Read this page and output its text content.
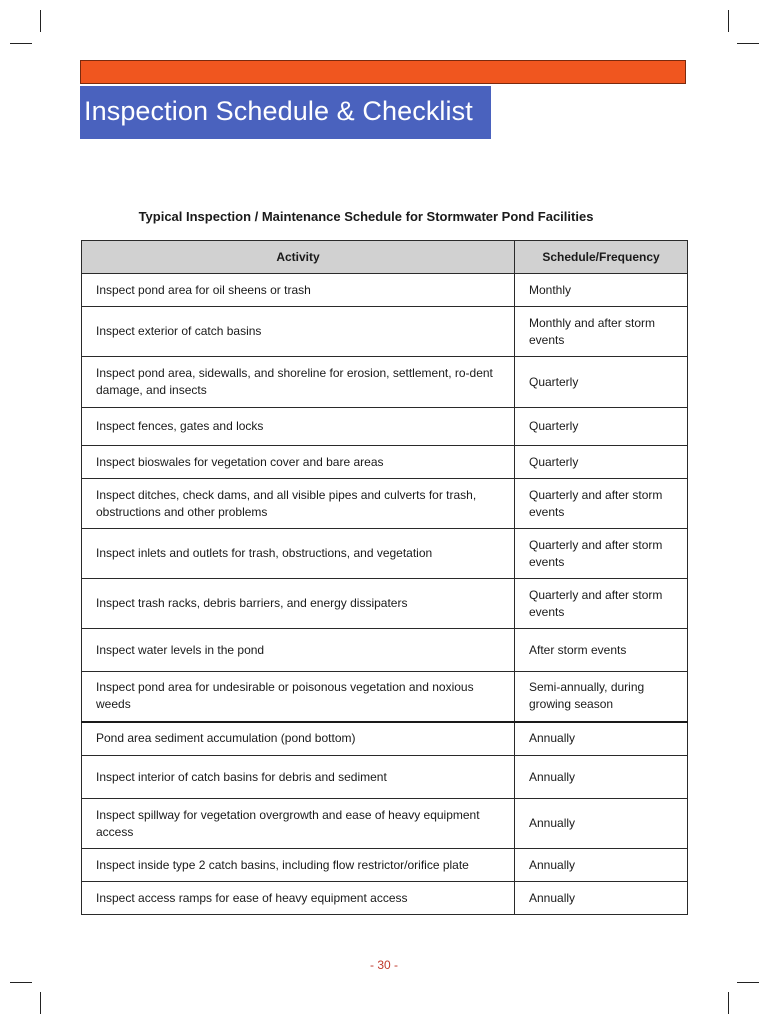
Inspection Schedule & Checklist
Typical Inspection / Maintenance Schedule for Stormwater Pond Facilities
Activity	Schedule/Frequency
Inspect pond area for oil sheens or trash	Monthly
Inspect exterior of catch basins	Monthly and after storm events
Inspect pond area, sidewalls, and shoreline for erosion, settlement, ro-dent damage, and insects	Quarterly
Inspect fences, gates and locks	Quarterly
Inspect bioswales for vegetation cover and bare areas	Quarterly
Inspect ditches, check dams, and all visible pipes and culverts for trash, obstructions and other problems	Quarterly and after storm events
Inspect inlets and outlets for trash, obstructions, and vegetation	Quarterly and after storm events
Inspect trash racks, debris barriers, and energy dissipaters	Quarterly and after storm events
Inspect water levels in the pond	After storm events
Inspect pond area for undesirable or poisonous vegetation and noxious weeds	Semi-annually, during growing season
Pond area sediment accumulation (pond bottom)	Annually
Inspect interior of catch basins for debris and sediment	Annually
Inspect spillway for vegetation overgrowth and ease of heavy equipment access	Annually
Inspect inside type 2 catch basins, including flow restrictor/orifice plate	Annually
Inspect access ramps for ease of heavy equipment access	Annually
- 30 -
